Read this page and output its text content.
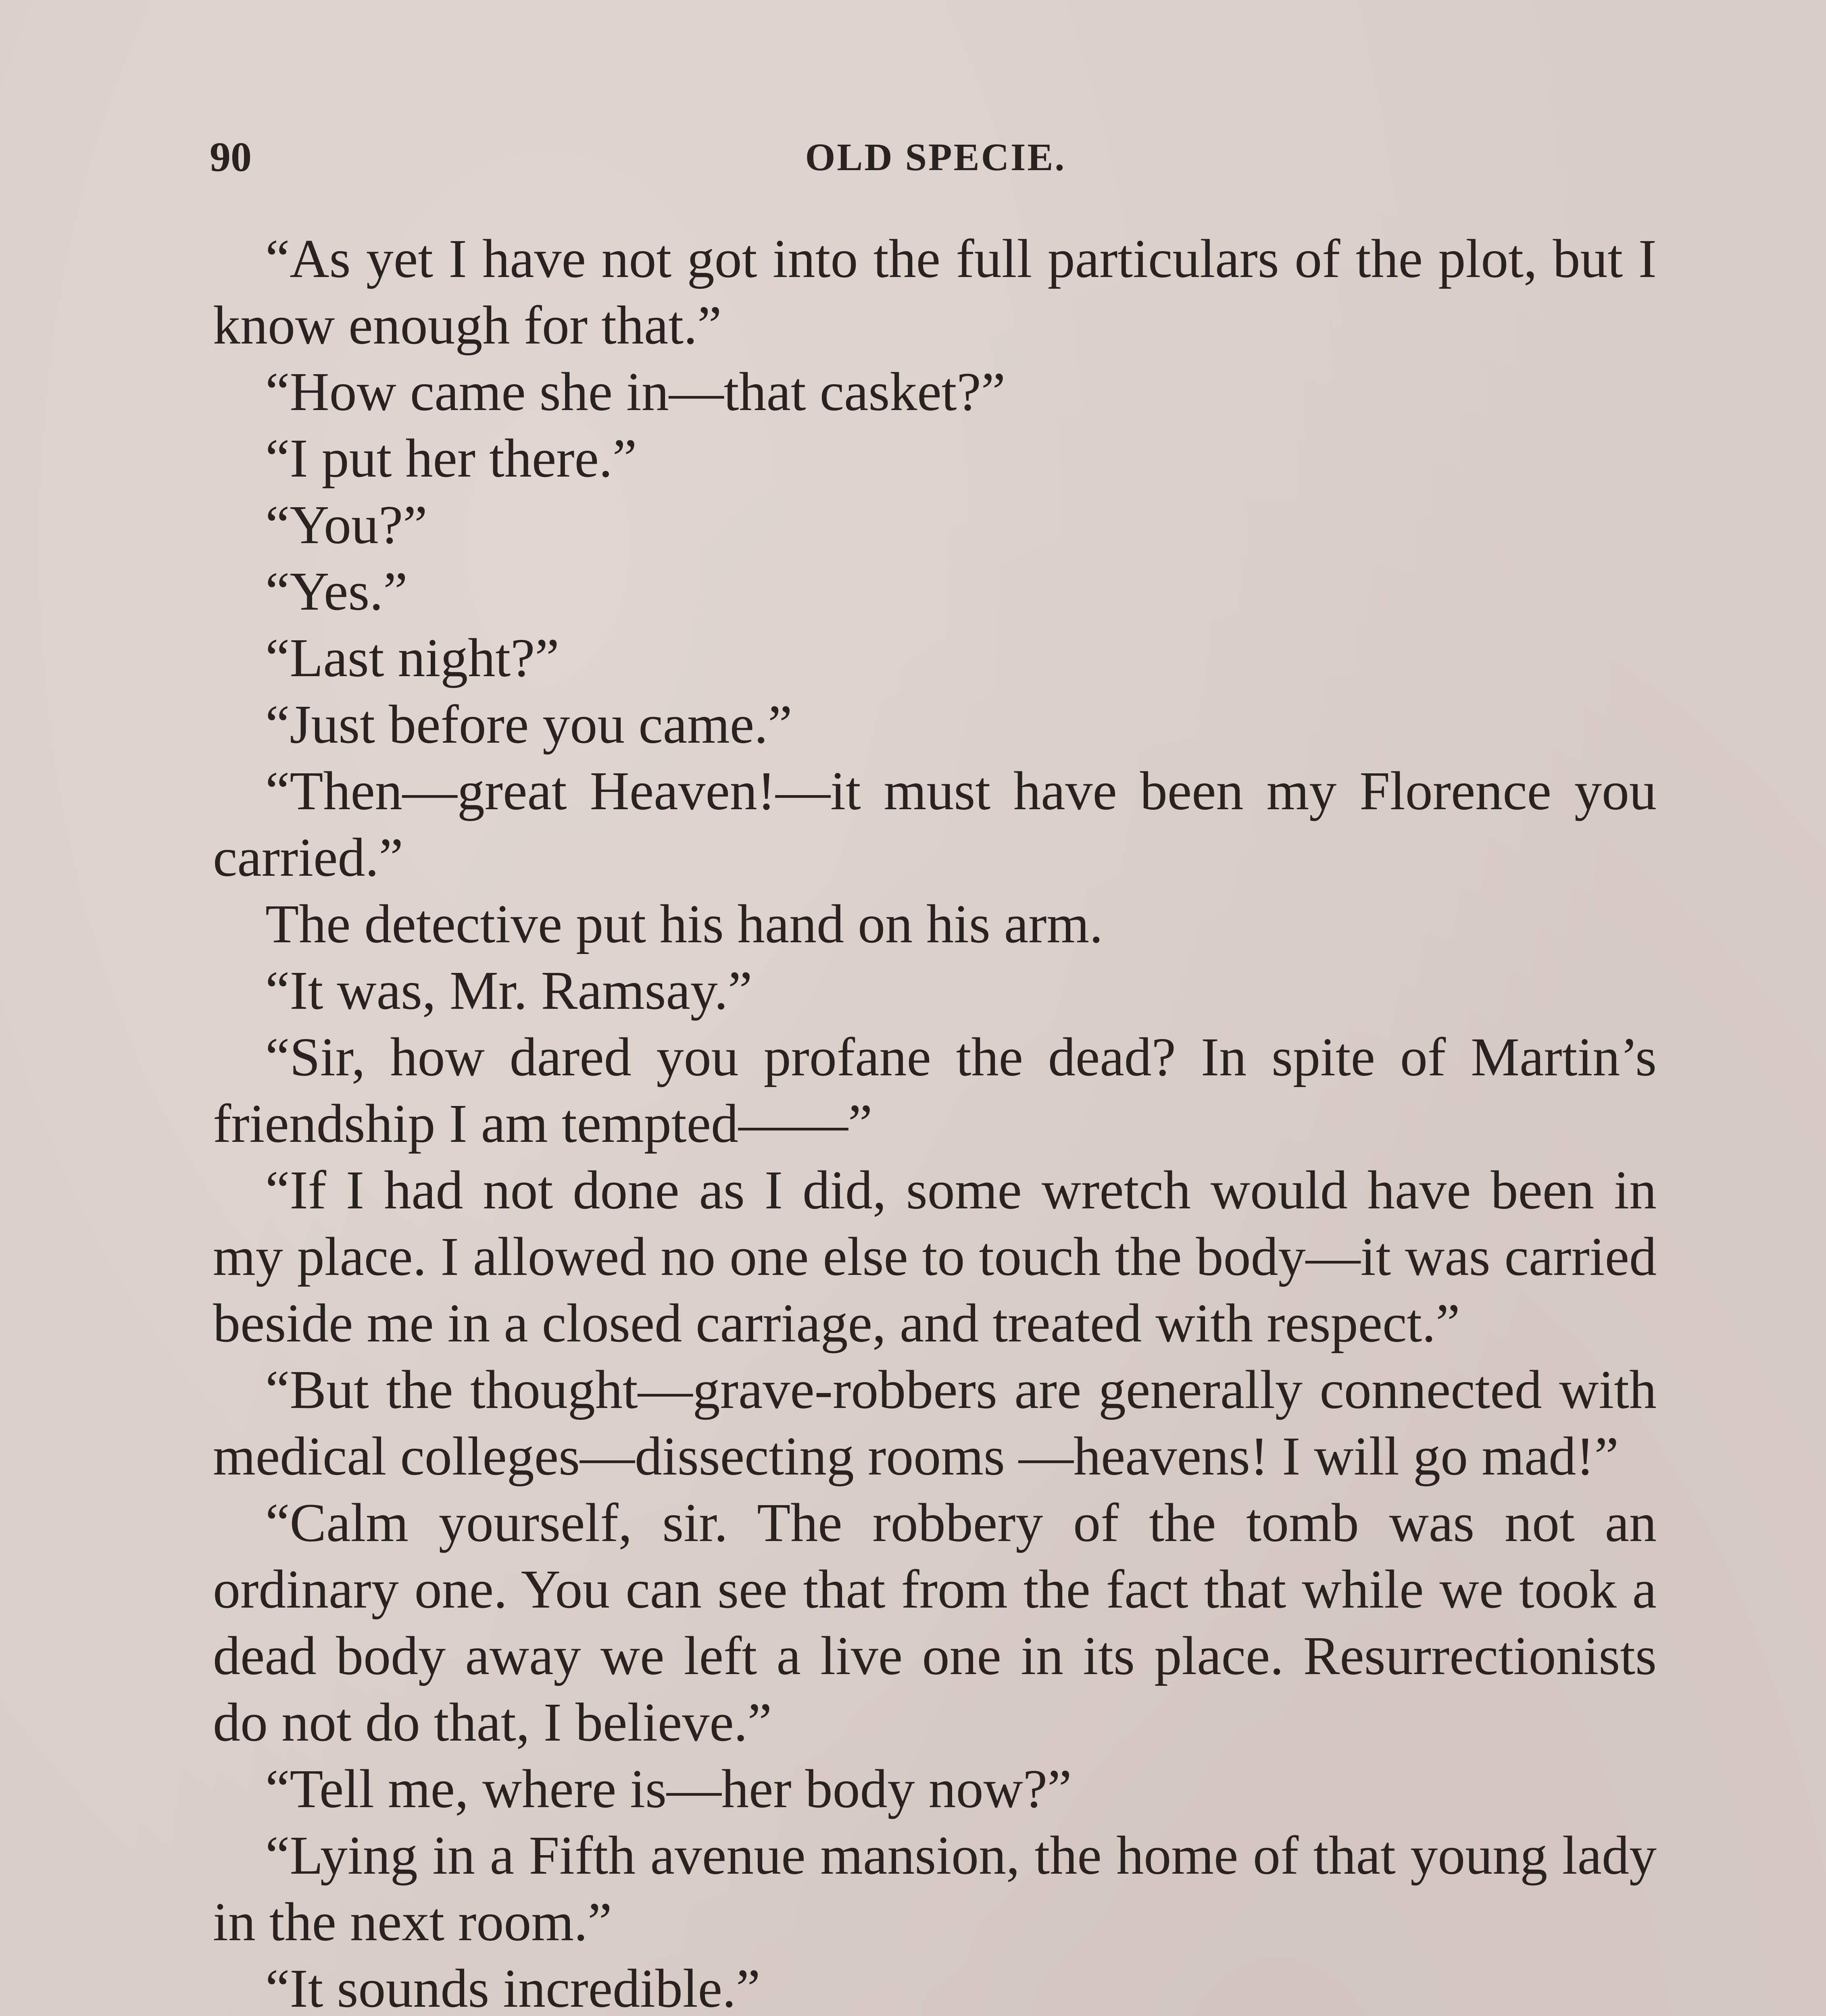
90	OLD SPECIE.

“As yet I have not got into the full particulars of the plot, but I know enough for that.”

“How came she in—that casket?”

“I put her there.”

“You?”

“Yes.”

“Last night?”

“Just before you came.”

“Then—great Heaven!—it must have been my Florence you carried.”

The detective put his hand on his arm.

“It was, Mr. Ramsay.”

“Sir, how dared you profane the dead? In spite of Martin’s friendship I am tempted——”

“If I had not done as I did, some wretch would have been in my place. I allowed no one else to touch the body—it was carried beside me in a closed carriage, and treated with respect.”

“But the thought—grave-robbers are generally connected with medical colleges—dissecting rooms —heavens! I will go mad!”

“Calm yourself, sir. The robbery of the tomb was not an ordinary one. You can see that from the fact that while we took a dead body away we left a live one in its place. Resurrectionists do not do that, I believe.”

“Tell me, where is—her body now?”

“Lying in a Fifth avenue mansion, the home of that young lady in the next room.”

“It sounds incredible.”
